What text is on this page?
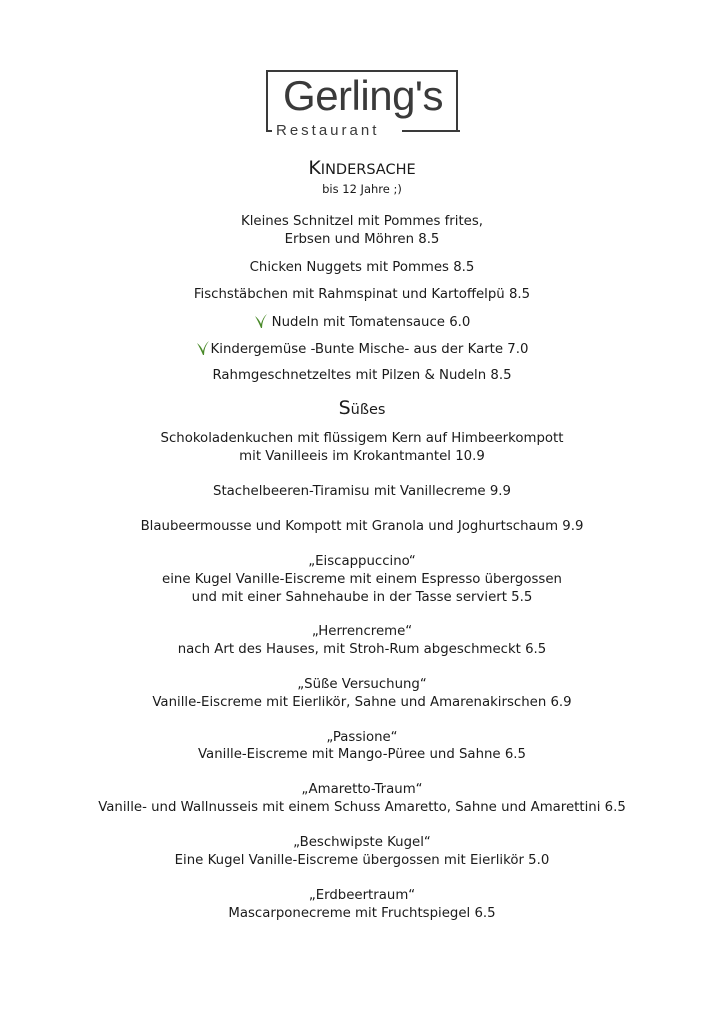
Gerling's
Restaurant
KINDERSACHE
bis 12 Jahre ;)
Kleines Schnitzel mit Pommes frites,
Erbsen und Möhren 8.5
Chicken Nuggets mit Pommes 8.5
Fischstäbchen mit Rahmspinat und Kartoffelpü 8.5
Nudeln mit Tomatensauce 6.0
Kindergemüse -Bunte Mische- aus der Karte 7.0
Rahmgeschnetzeltes mit Pilzen & Nudeln 8.5
Süßes
Schokoladenkuchen mit flüssigem Kern auf Himbeerkompott
mit Vanilleeis im Krokantmantel 10.9
Stachelbeeren-Tiramisu mit Vanillecreme 9.9
Blaubeermousse und Kompott mit Granola und Joghurtschaum 9.9
„Eiscappuccino“
eine Kugel Vanille-Eiscreme mit einem Espresso übergossen
und mit einer Sahnehaube in der Tasse serviert 5.5
„Herrencreme“
nach Art des Hauses, mit Stroh-Rum abgeschmeckt 6.5
„Süße Versuchung“
Vanille-Eiscreme mit Eierlikör, Sahne und Amarenakirschen 6.9
„Passione“
Vanille-Eiscreme mit Mango-Püree und Sahne 6.5
„Amaretto-Traum“
Vanille- und Wallnusseis mit einem Schuss Amaretto, Sahne und Amarettini 6.5
„Beschwipste Kugel“
Eine Kugel Vanille-Eiscreme übergossen mit Eierlikör 5.0
„Erdbeertraum“
Mascarponecreme mit Fruchtspiegel 6.5
